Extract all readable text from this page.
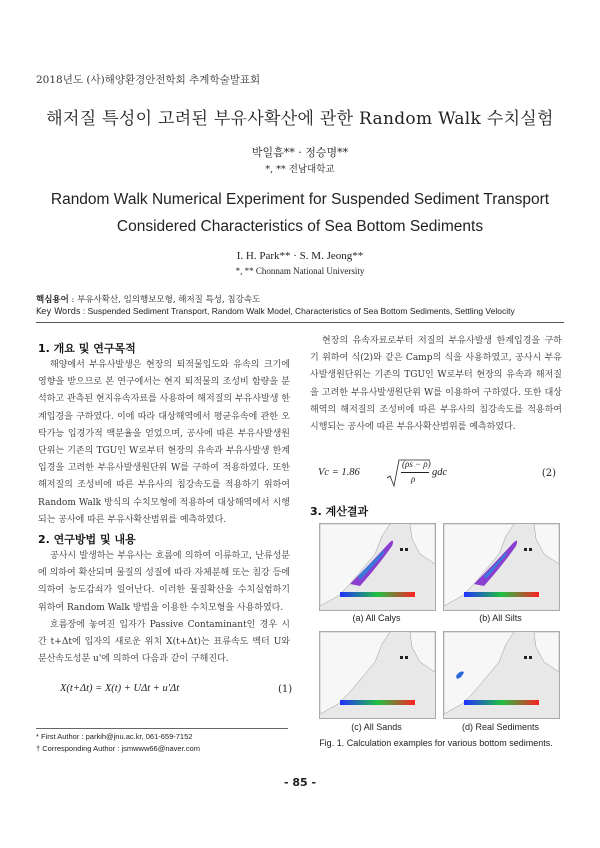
2018년도 (사)해양환경안전학회 추계학술발표회
해저질 특성이 고려된 부유사확산에 관한 Random Walk 수치실험
박일흠** · 정승명**
*, ** 전남대학교
Random Walk Numerical Experiment for Suspended Sediment Transport
Considered Characteristics of Sea Bottom Sediments
I. H. Park** · S. M. Jeong**
*, ** Chonnam National University
핵심용어 : 부유사확산, 임의행보모형, 해저질 특성, 침강속도
Key Words : Suspended Sediment Transport, Random Walk Model, Characteristics of Sea Bottom Sediments, Settling Velocity
1. 개요 및 연구목적

해양에서 부유사발생은 현장의 퇴적물입도와 유속의 크기에 영향을 받으므로 본 연구에서는 현지 퇴적물의 조성비 함량을 분석하고 관측된 현지유속자료를 사용하여 해저질의 부유사발생 한계입경을 구하였다. 이에 따라 대상해역에서 평균유속에 관한 오탁가능 입경가적 백분율을 얻었으며, 공사에 따른 부유사발생원단위는 기존의 TGU인 W로부터 현장의 유속과 부유사발생 한계입경을 고려한 부유사발생원단위 W를 구하여 적용하였다. 또한 해저질의 조성비에 따른 부유사의 침강속도를 적용하기 위하여 Random Walk 방식의 수치모형에 적용하여 대상해역에서 시행되는 공사에 따른 부유사확산범위를 예측하였다.

2. 연구방법 및 내용

공사시 발생하는 부유사는 흐름에 의하여 이류하고, 난류성분에 의하여 확산되며 물질의 성질에 따라 자체분해 또는 침강 등에 의하여 농도감쇠가 일어난다. 이러한 물질확산을 수치실험하기 위하여 Random Walk 방법을 이용한 수치모형을 사용하였다.

흐름장에 놓여진 입자가 Passive Contaminant인 경우 시간 t+Δt에 입자의 새로운 위치 X(t+Δt)는 표류속도 벡터 U와 분산속도성분 u'에 의하여 다음과 같이 구해진다.

X(t+Δt) = X(t) + UΔt + u′Δt	(1)
* First Author : parkih@jnu.ac.kr, 061-659-7152
† Corresponding Author : jsmwww66@naver.com

현장의 유속자료로부터 저질의 부유사발생 한계입경을 구하기 위하여 식(2)와 같은 Camp의 식을 사용하였고, 공사시 부유사발생원단위는 기존의 TGU인 W로부터 현장의 유속과 해저질을 고려한 부유사발생원단위 W를 이용하여 구하였다. 또한 대상해역의 해저질의 조성비에 따른 부유사의 침강속도를 적용하여 시행되는 공사에 따른 부유사확산범위를 예측하였다.

Vc = 1.86
(ρs − ρ)
ρ
gdc	(2)
3. 계산결과
(a) All Calys	(b) All Silts
(c) All Sands	(d) Real Sediments
Fig. 1. Calculation examples for various bottom sediments.
- 85 -
